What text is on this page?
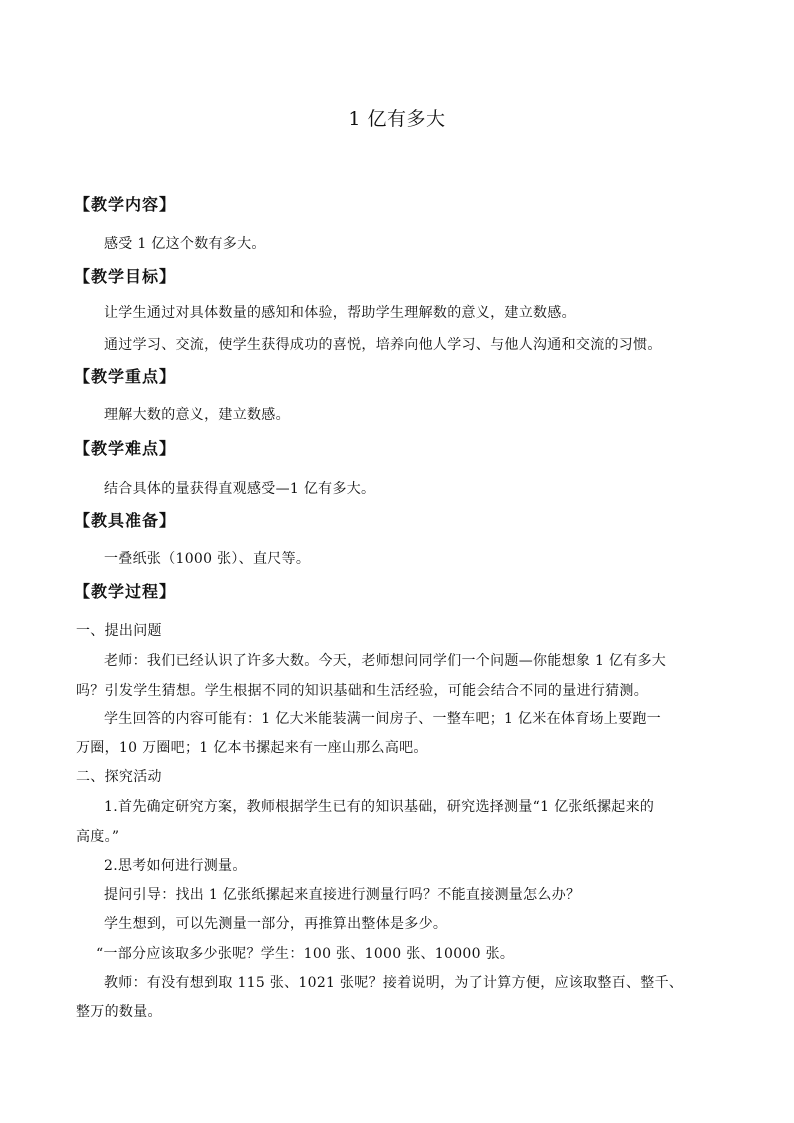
1 亿有多大
【教学内容】
感受 1 亿这个数有多大。
【教学目标】
让学生通过对具体数量的感知和体验，帮助学生理解数的意义，建立数感。
通过学习、交流，使学生获得成功的喜悦，培养向他人学习、与他人沟通和交流的习惯。
【教学重点】
理解大数的意义，建立数感。
【教学难点】
结合具体的量获得直观感受—1 亿有多大。
【教具准备】
一叠纸张（1000 张）、直尺等。
【教学过程】
一、提出问题
老师：我们已经认识了许多大数。今天，老师想问同学们一个问题—你能想象 1 亿有多大
吗？引发学生猜想。学生根据不同的知识基础和生活经验，可能会结合不同的量进行猜测。
学生回答的内容可能有：1 亿大米能装满一间房子、一整车吧；1 亿米在体育场上要跑一
万圈，10 万圈吧；1 亿本书摞起来有一座山那么高吧。
二、探究活动
1.首先确定研究方案，教师根据学生已有的知识基础，研究选择测量“1 亿张纸摞起来的
高度。”
2.思考如何进行测量。
提问引导：找出 1 亿张纸摞起来直接进行测量行吗？不能直接测量怎么办？
学生想到，可以先测量一部分，再推算出整体是多少。
“一部分应该取多少张呢？学生：100 张、1000 张、10000 张。
教师：有没有想到取 115 张、1021 张呢？接着说明，为了计算方便，应该取整百、整千、
整万的数量。
